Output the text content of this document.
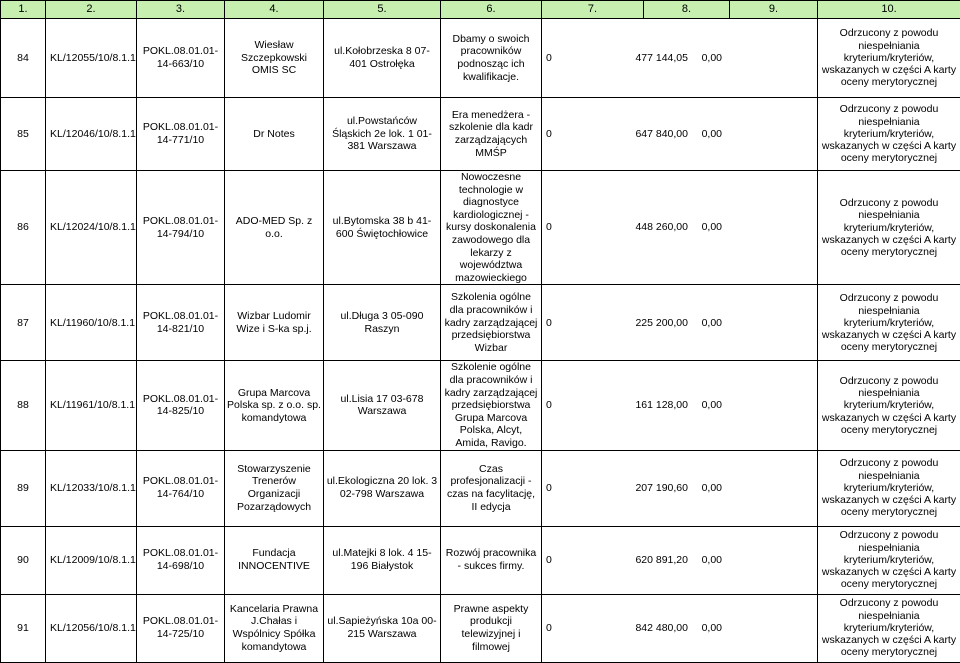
1.	2.	3.	4.	5.	6.	7.	8.	9.	10.
84	KL/12055/10/8.1.1	POKL.08.01.01-14-663/10	Wiesław Szczepkowski OMIS SC	ul.Kołobrzeska 8 07-401 Ostrołęka	Dbamy o swoich pracowników podnosząc ich kwalifikacje.	0 477 144,05 0,00			Odrzucony z powodu niespełniania kryterium/kryteriów, wskazanych w części A karty oceny merytorycznej
85	KL/12046/10/8.1.1	POKL.08.01.01-14-771/10	Dr Notes	ul.Powstańców Śląskich 2e lok. 1 01-381 Warszawa	Era menedżera - szkolenie dla kadr zarządzających MMŚP	0 647 840,00 0,00			Odrzucony z powodu niespełniania kryterium/kryteriów, wskazanych w części A karty oceny merytorycznej
86	KL/12024/10/8.1.1	POKL.08.01.01-14-794/10	ADO-MED Sp. z o.o.	ul.Bytomska 38 b 41-600 Świętochłowice	Nowoczesne technologie w diagnostyce kardiologicznej - kursy doskonalenia zawodowego dla lekarzy z województwa mazowieckiego	0 448 260,00 0,00			Odrzucony z powodu niespełniania kryterium/kryteriów, wskazanych w części A karty oceny merytorycznej
87	KL/11960/10/8.1.1	POKL.08.01.01-14-821/10	Wizbar Ludomir Wize i S-ka sp.j.	ul.Długa 3 05-090 Raszyn	Szkolenia ogólne dla pracowników i kadry zarządzającej przedsiębiorstwa Wizbar	0 225 200,00 0,00			Odrzucony z powodu niespełniania kryterium/kryteriów, wskazanych w części A karty oceny merytorycznej
88	KL/11961/10/8.1.1	POKL.08.01.01-14-825/10	Grupa Marcova Polska sp. z o.o. sp. komandytowa	ul.Lisia 17 03-678 Warszawa	Szkolenie ogólne dla pracowników i kadry zarządzającej przedsiębiorstwa Grupa Marcova Polska, Alcyt, Amida, Ravigo.	0 161 128,00 0,00			Odrzucony z powodu niespełniania kryterium/kryteriów, wskazanych w części A karty oceny merytorycznej
89	KL/12033/10/8.1.1	POKL.08.01.01-14-764/10	Stowarzyszenie Trenerów Organizacji Pozarządowych	ul.Ekologiczna 20 lok. 3 02-798 Warszawa	Czas profesjonalizacji - czas na facylitację, II edycja	0 207 190,60 0,00			Odrzucony z powodu niespełniania kryterium/kryteriów, wskazanych w części A karty oceny merytorycznej
90	KL/12009/10/8.1.1	POKL.08.01.01-14-698/10	Fundacja INNOCENTIVE	ul.Matejki 8 lok. 4 15-196 Białystok	Rozwój pracownika - sukces firmy.	0 620 891,20 0,00			Odrzucony z powodu niespełniania kryterium/kryteriów, wskazanych w części A karty oceny merytorycznej
91	KL/12056/10/8.1.1	POKL.08.01.01-14-725/10	Kancelaria Prawna J.Chałas i Wspólnicy Spółka komandytowa	ul.Sapieżyńska 10a 00-215 Warszawa	Prawne aspekty produkcji telewizyjnej i filmowej	0 842 480,00 0,00			Odrzucony z powodu niespełniania kryterium/kryteriów, wskazanych w części A karty oceny merytorycznej
